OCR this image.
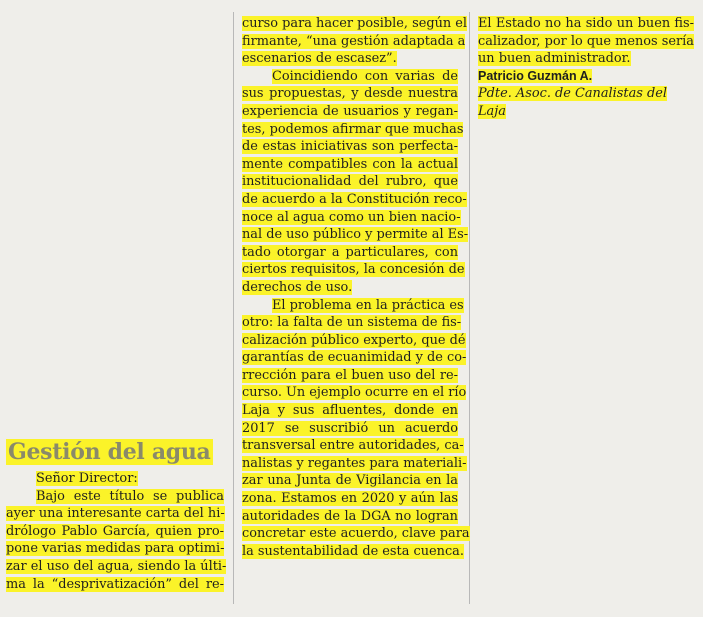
Gestión del agua
Señor Director:
Bajo este título se publica
ayer una interesante carta del hi-
drólogo Pablo García, quien pro-
pone varias medidas para optimi-
zar el uso del agua, siendo la últi-
ma la “desprivatización” del re-
curso para hacer posible, según el
firmante, “una gestión adaptada a
escenarios de escasez”.
Coincidiendo con varias de
sus propuestas, y desde nuestra
experiencia de usuarios y regan-
tes, podemos afirmar que muchas
de estas iniciativas son perfecta-
mente compatibles con la actual
institucionalidad del rubro, que
de acuerdo a la Constitución reco-
noce al agua como un bien nacio-
nal de uso público y permite al Es-
tado otorgar a particulares, con
ciertos requisitos, la concesión de
derechos de uso.
El problema en la práctica es
otro: la falta de un sistema de fis-
calización público experto, que dé
garantías de ecuanimidad y de co-
rrección para el buen uso del re-
curso. Un ejemplo ocurre en el río
Laja y sus afluentes, donde en
2017 se suscribió un acuerdo
transversal entre autoridades, ca-
nalistas y regantes para materiali-
zar una Junta de Vigilancia en la
zona. Estamos en 2020 y aún las
autoridades de la DGA no logran
concretar este acuerdo, clave para
la sustentabilidad de esta cuenca.
El Estado no ha sido un buen fis-
calizador, por lo que menos sería
un buen administrador.
Patricio Guzmán A.
Pdte. Asoc. de Canalistas del Laja
